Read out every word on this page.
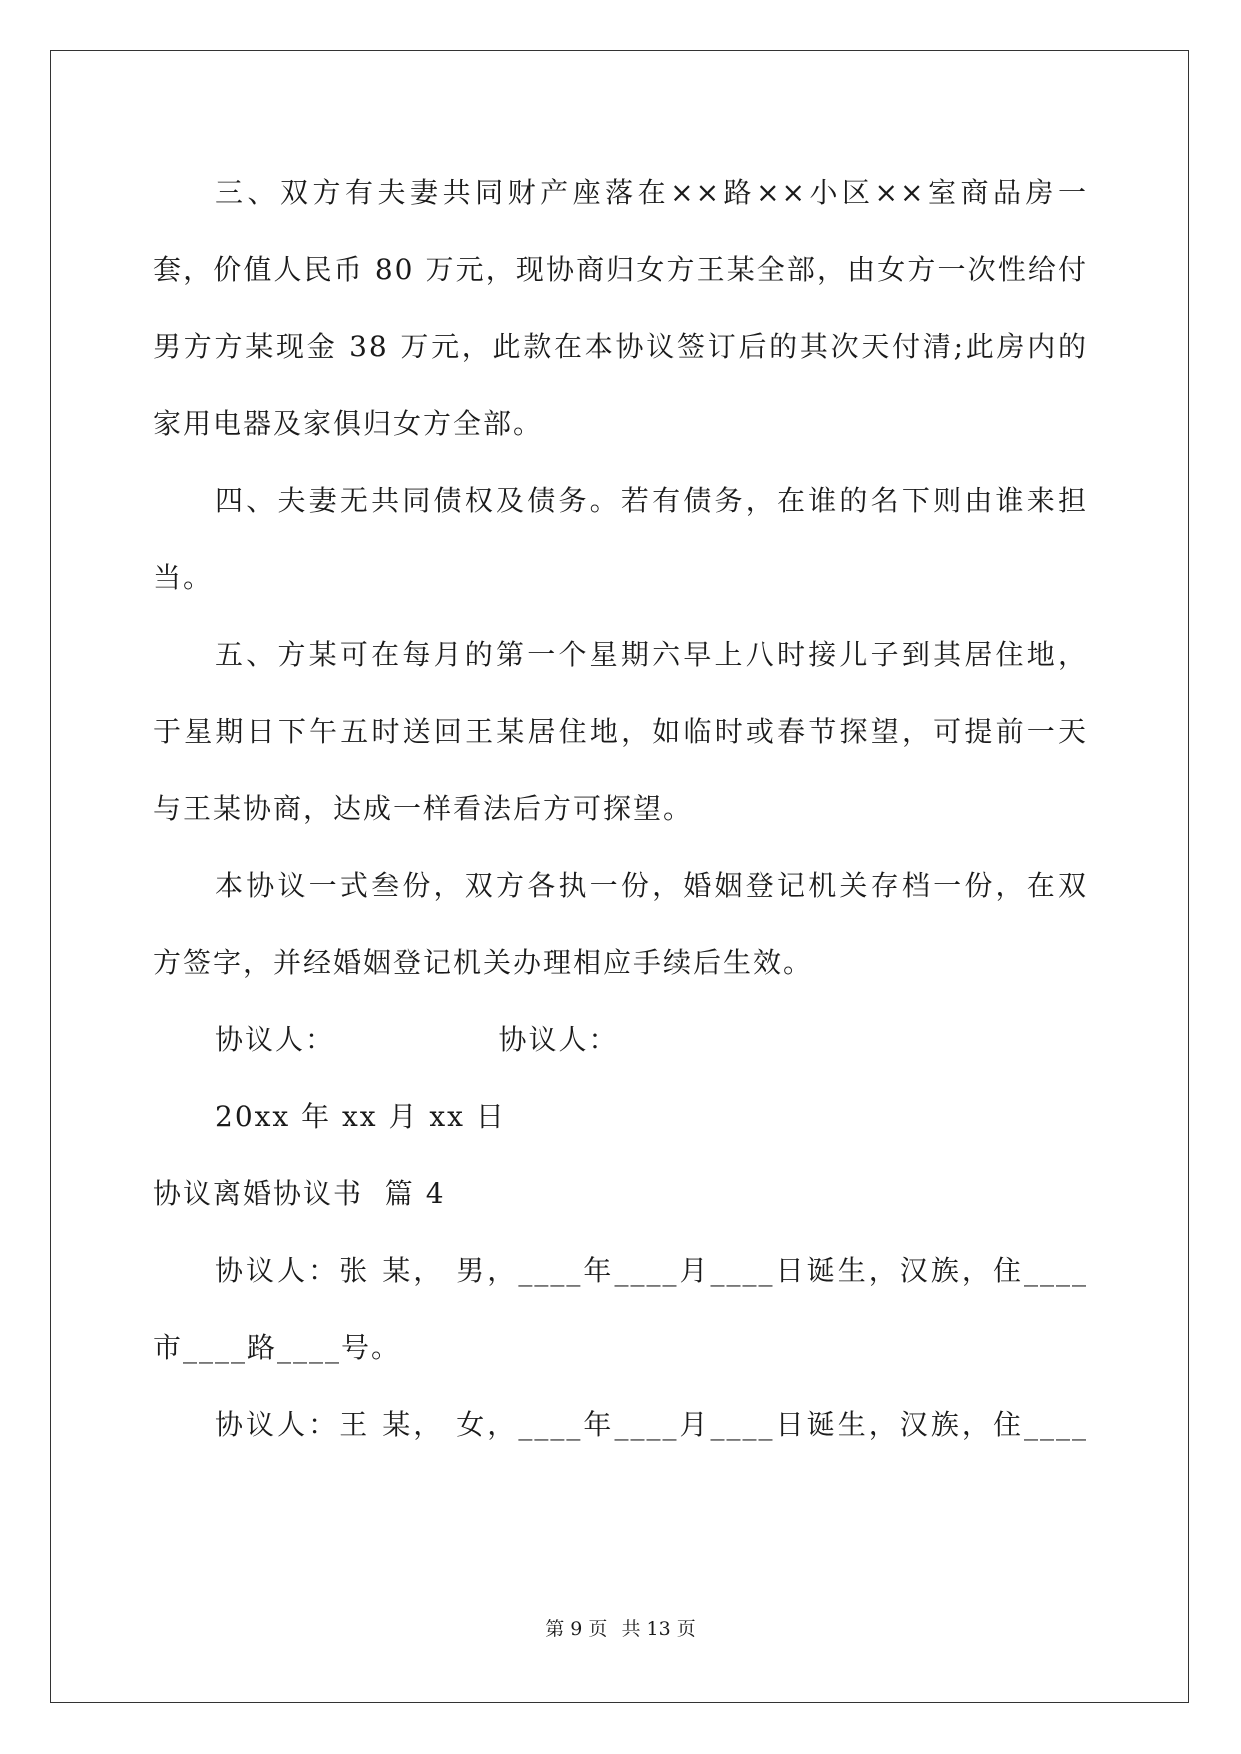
三、双方有夫妻共同财产座落在××路××小区××室商品房一
套，价值人民币 80 万元，现协商归女方王某全部，由女方一次性给付
男方方某现金 38 万元，此款在本协议签订后的其次天付清;此房内的
家用电器及家俱归女方全部。
四、夫妻无共同债权及债务。若有债务，在谁的名下则由谁来担
当。
五、方某可在每月的第一个星期六早上八时接儿子到其居住地，
于星期日下午五时送回王某居住地，如临时或春节探望，可提前一天
与王某协商，达成一样看法后方可探望。
本协议一式叁份，双方各执一份，婚姻登记机关存档一份，在双
方签字，并经婚姻登记机关办理相应手续后生效。
协议人：               协议人：
20xx 年 xx 月 xx 日
协议离婚协议书  篇 4
协议人：张 某， 男，____年____月____日诞生，汉族，住____
市____路____号。
协议人：王 某， 女，____年____月____日诞生，汉族，住____
第 9 页 共 13 页
